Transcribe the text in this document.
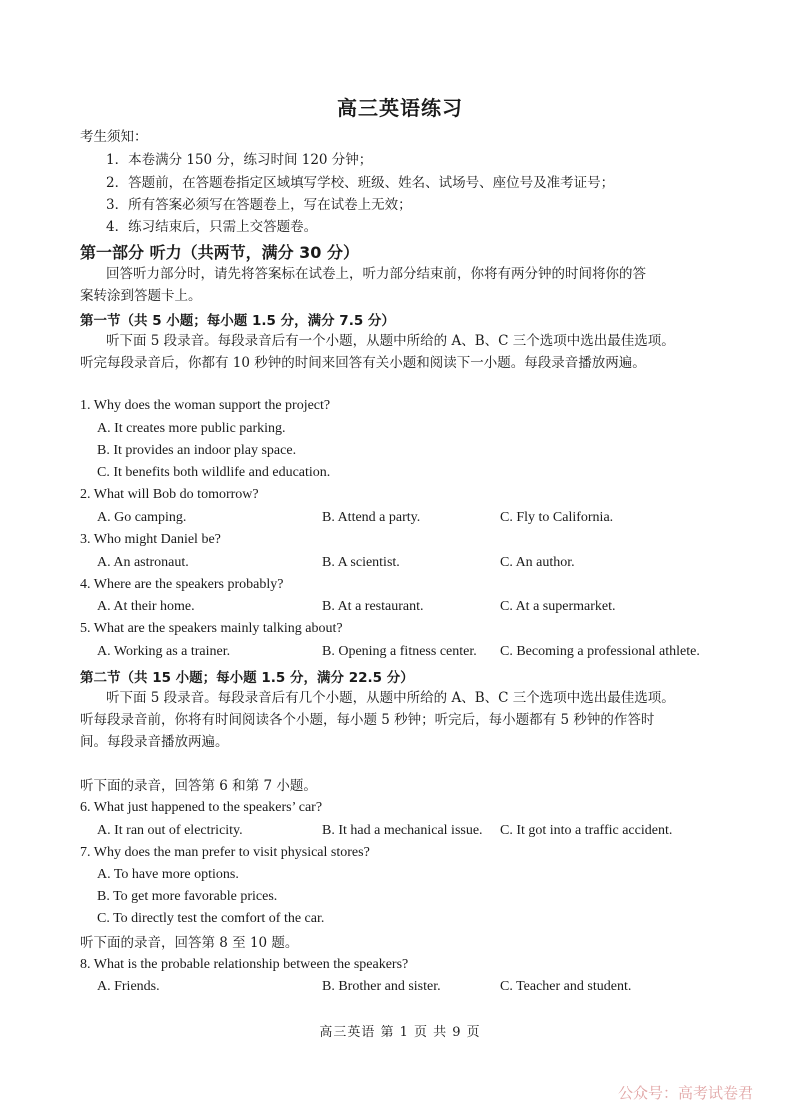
高三英语练习
考生须知：
1．本卷满分 150 分，练习时间 120 分钟；
2．答题前，在答题卷指定区域填写学校、班级、姓名、试场号、座位号及准考证号；
3．所有答案必须写在答题卷上，写在试卷上无效；
4．练习结束后，只需上交答题卷。
第一部分 听力（共两节，满分 30 分）
回答听力部分时，请先将答案标在试卷上，听力部分结束前，你将有两分钟的时间将你的答
案转涂到答题卡上。
第一节（共 5 小题；每小题 1.5 分，满分 7.5 分）
听下面 5 段录音。每段录音后有一个小题，从题中所给的 A、B、C 三个选项中选出最佳选项。
听完每段录音后，你都有 10 秒钟的时间来回答有关小题和阅读下一小题。每段录音播放两遍。
1. Why does the woman support the project?
A. It creates more public parking.
B. It provides an indoor play space.
C. It benefits both wildlife and education.
2. What will Bob do tomorrow?
A. Go camping.	B. Attend a party.	C. Fly to California.
3. Who might Daniel be?
A. An astronaut.	B. A scientist.	C. An author.
4. Where are the speakers probably?
A. At their home.	B. At a restaurant.	C. At a supermarket.
5. What are the speakers mainly talking about?
A. Working as a trainer.	B. Opening a fitness center. C. Becoming a professional athlete.
第二节（共 15 小题；每小题 1.5 分，满分 22.5 分）
听下面 5 段录音。每段录音后有几个小题，从题中所给的 A、B、C 三个选项中选出最佳选项。
听每段录音前，你将有时间阅读各个小题，每小题 5 秒钟；听完后，每小题都有 5 秒钟的作答时
间。每段录音播放两遍。
听下面的录音，回答第 6 和第 7 小题。
6. What just happened to the speakers’ car?
A. It ran out of electricity.	B. It had a mechanical issue. C. It got into a traffic accident.
7. Why does the man prefer to visit physical stores?
A. To have more options.
B. To get more favorable prices.
C. To directly test the comfort of the car.
听下面的录音，回答第 8 至 10 题。
8. What is the probable relationship between the speakers?
A. Friends.	B. Brother and sister.	C. Teacher and student.
高三英语 第 1 页 共 9 页
公众号：高考试卷君
